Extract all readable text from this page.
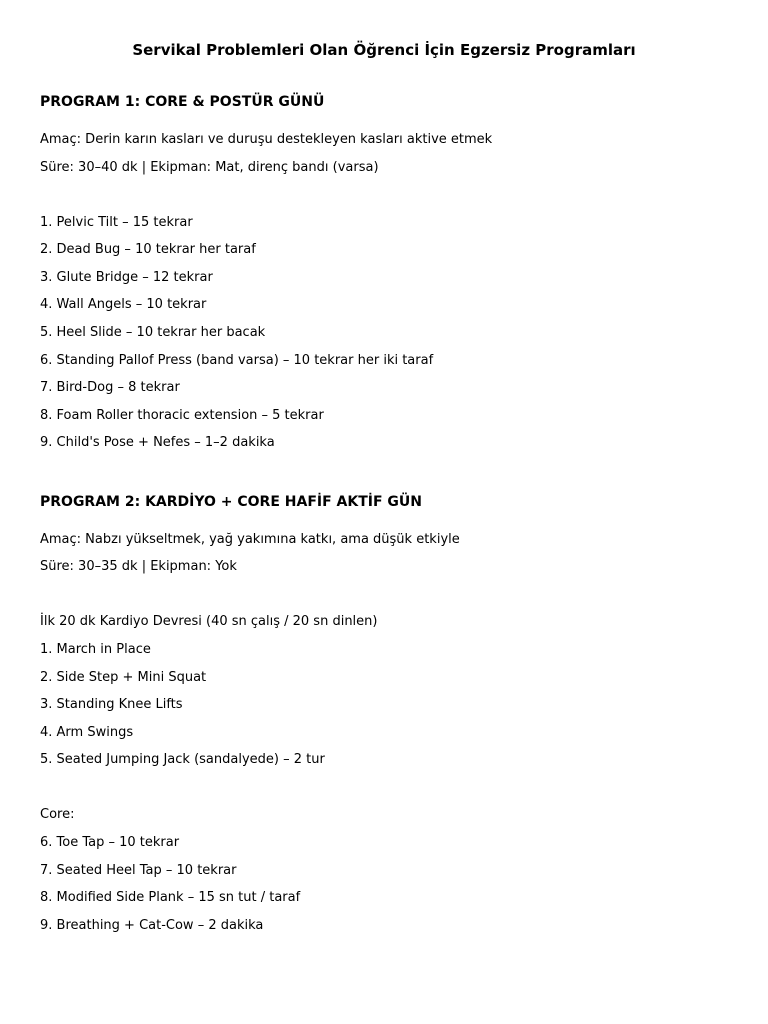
Servikal Problemleri Olan Öğrenci İçin Egzersiz Programları
PROGRAM 1: CORE & POSTÜR GÜNÜ

Amaç: Derin karın kasları ve duruşu destekleyen kasları aktive etmek

Süre: 30–40 dk | Ekipman: Mat, direnç bandı (varsa)

1. Pelvic Tilt – 15 tekrar

2. Dead Bug – 10 tekrar her taraf

3. Glute Bridge – 12 tekrar

4. Wall Angels – 10 tekrar

5. Heel Slide – 10 tekrar her bacak

6. Standing Pallof Press (band varsa) – 10 tekrar her iki taraf

7. Bird-Dog – 8 tekrar

8. Foam Roller thoracic extension – 5 tekrar

9. Child's Pose + Nefes – 1–2 dakika

PROGRAM 2: KARDİYO + CORE HAFİF AKTİF GÜN

Amaç: Nabzı yükseltmek, yağ yakımına katkı, ama düşük etkiyle

Süre: 30–35 dk | Ekipman: Yok

İlk 20 dk Kardiyo Devresi (40 sn çalış / 20 sn dinlen)

1. March in Place

2. Side Step + Mini Squat

3. Standing Knee Lifts

4. Arm Swings

5. Seated Jumping Jack (sandalyede) – 2 tur

Core:

6. Toe Tap – 10 tekrar

7. Seated Heel Tap – 10 tekrar

8. Modified Side Plank – 15 sn tut / taraf

9. Breathing + Cat-Cow – 2 dakika
